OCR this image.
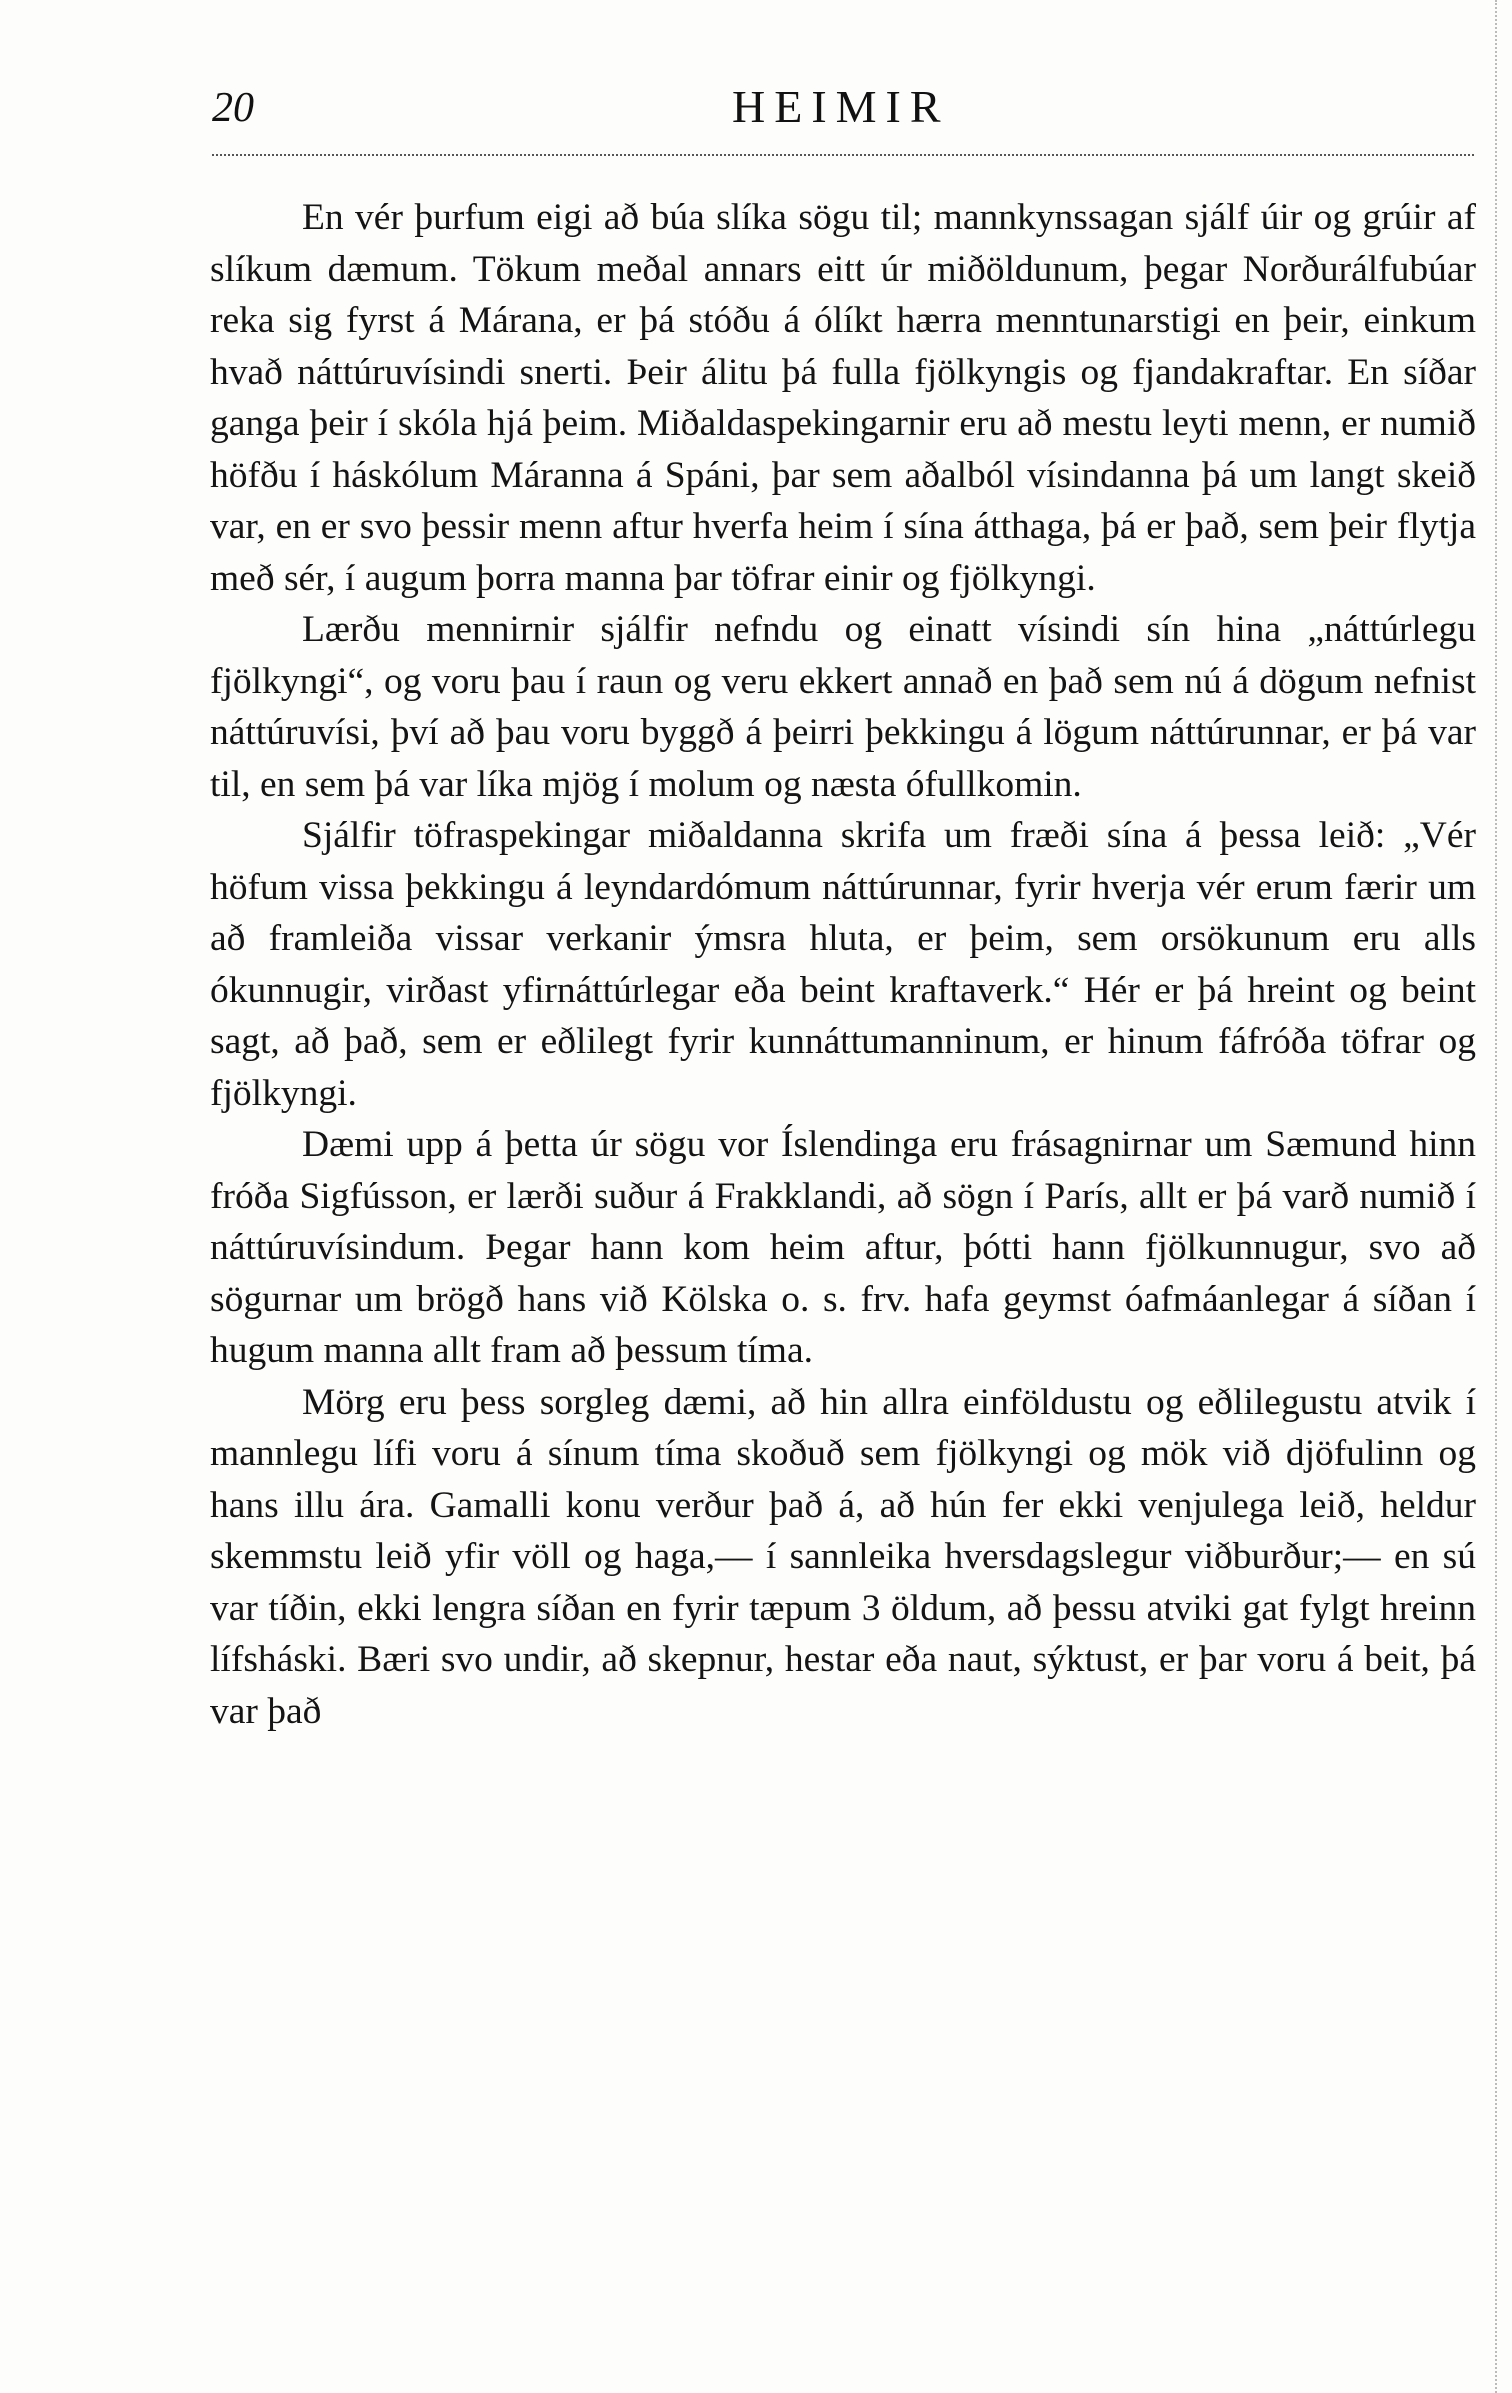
20	HEIMIR

En vér þurfum eigi að búa slíka sögu til; mannkynssagan sjálf úir og grúir af slíkum dæmum. Tökum meðal annars eitt úr miðöldunum, þegar Norðurálfubúar reka sig fyrst á Márana, er þá stóðu á ólíkt hærra menntunarstigi en þeir, einkum hvað náttúruvísindi snerti. Þeir álitu þá fulla fjölkyngis og fjandakraftar. En síðar ganga þeir í skóla hjá þeim. Miðaldaspekingarnir eru að mestu leyti menn, er numið höfðu í háskólum Máranna á Spáni, þar sem aðalból vísindanna þá um langt skeið var, en er svo þessir menn aftur hverfa heim í sína átthaga, þá er það, sem þeir flytja með sér, í augum þorra manna þar töfrar einir og fjölkyngi.

Lærðu mennirnir sjálfir nefndu og einatt vísindi sín hina „náttúrlegu fjölkyngi“, og voru þau í raun og veru ekkert annað en það sem nú á dögum nefnist náttúruvísi, því að þau voru byggð á þeirri þekkingu á lögum náttúrunnar, er þá var til, en sem þá var líka mjög í molum og næsta ófullkomin.

Sjálfir töfraspekingar miðaldanna skrifa um fræði sína á þessa leið: „Vér höfum vissa þekkingu á leyndardómum náttúrunnar, fyrir hverja vér erum færir um að framleiða vissar verkanir ýmsra hluta, er þeim, sem orsökunum eru alls ókunnugir, virðast yfirnáttúrlegar eða beint kraftaverk.“ Hér er þá hreint og beint sagt, að það, sem er eðlilegt fyrir kunnáttumanninum, er hinum fáfróða töfrar og fjölkyngi.

Dæmi upp á þetta úr sögu vor Íslendinga eru frásagnirnar um Sæmund hinn fróða Sigfússon, er lærði suður á Frakklandi, að sögn í París, allt er þá varð numið í náttúruvísindum. Þegar hann kom heim aftur, þótti hann fjölkunnugur, svo að sögurnar um brögð hans við Kölska o. s. frv. hafa geymst óafmáanlegar á síðan í hugum manna allt fram að þessum tíma.

Mörg eru þess sorgleg dæmi, að hin allra einföldustu og eðlilegustu atvik í mannlegu lífi voru á sínum tíma skoðuð sem fjölkyngi og mök við djöfulinn og hans illu ára. Gamalli konu verður það á, að hún fer ekki venjulega leið, heldur skemmstu leið yfir völl og haga,— í sannleika hversdagslegur viðburður;— en sú var tíðin, ekki lengra síðan en fyrir tæpum 3 öldum, að þessu atviki gat fylgt hreinn lífsháski. Bæri svo undir, að skepnur, hestar eða naut, sýktust, er þar voru á beit, þá var það
